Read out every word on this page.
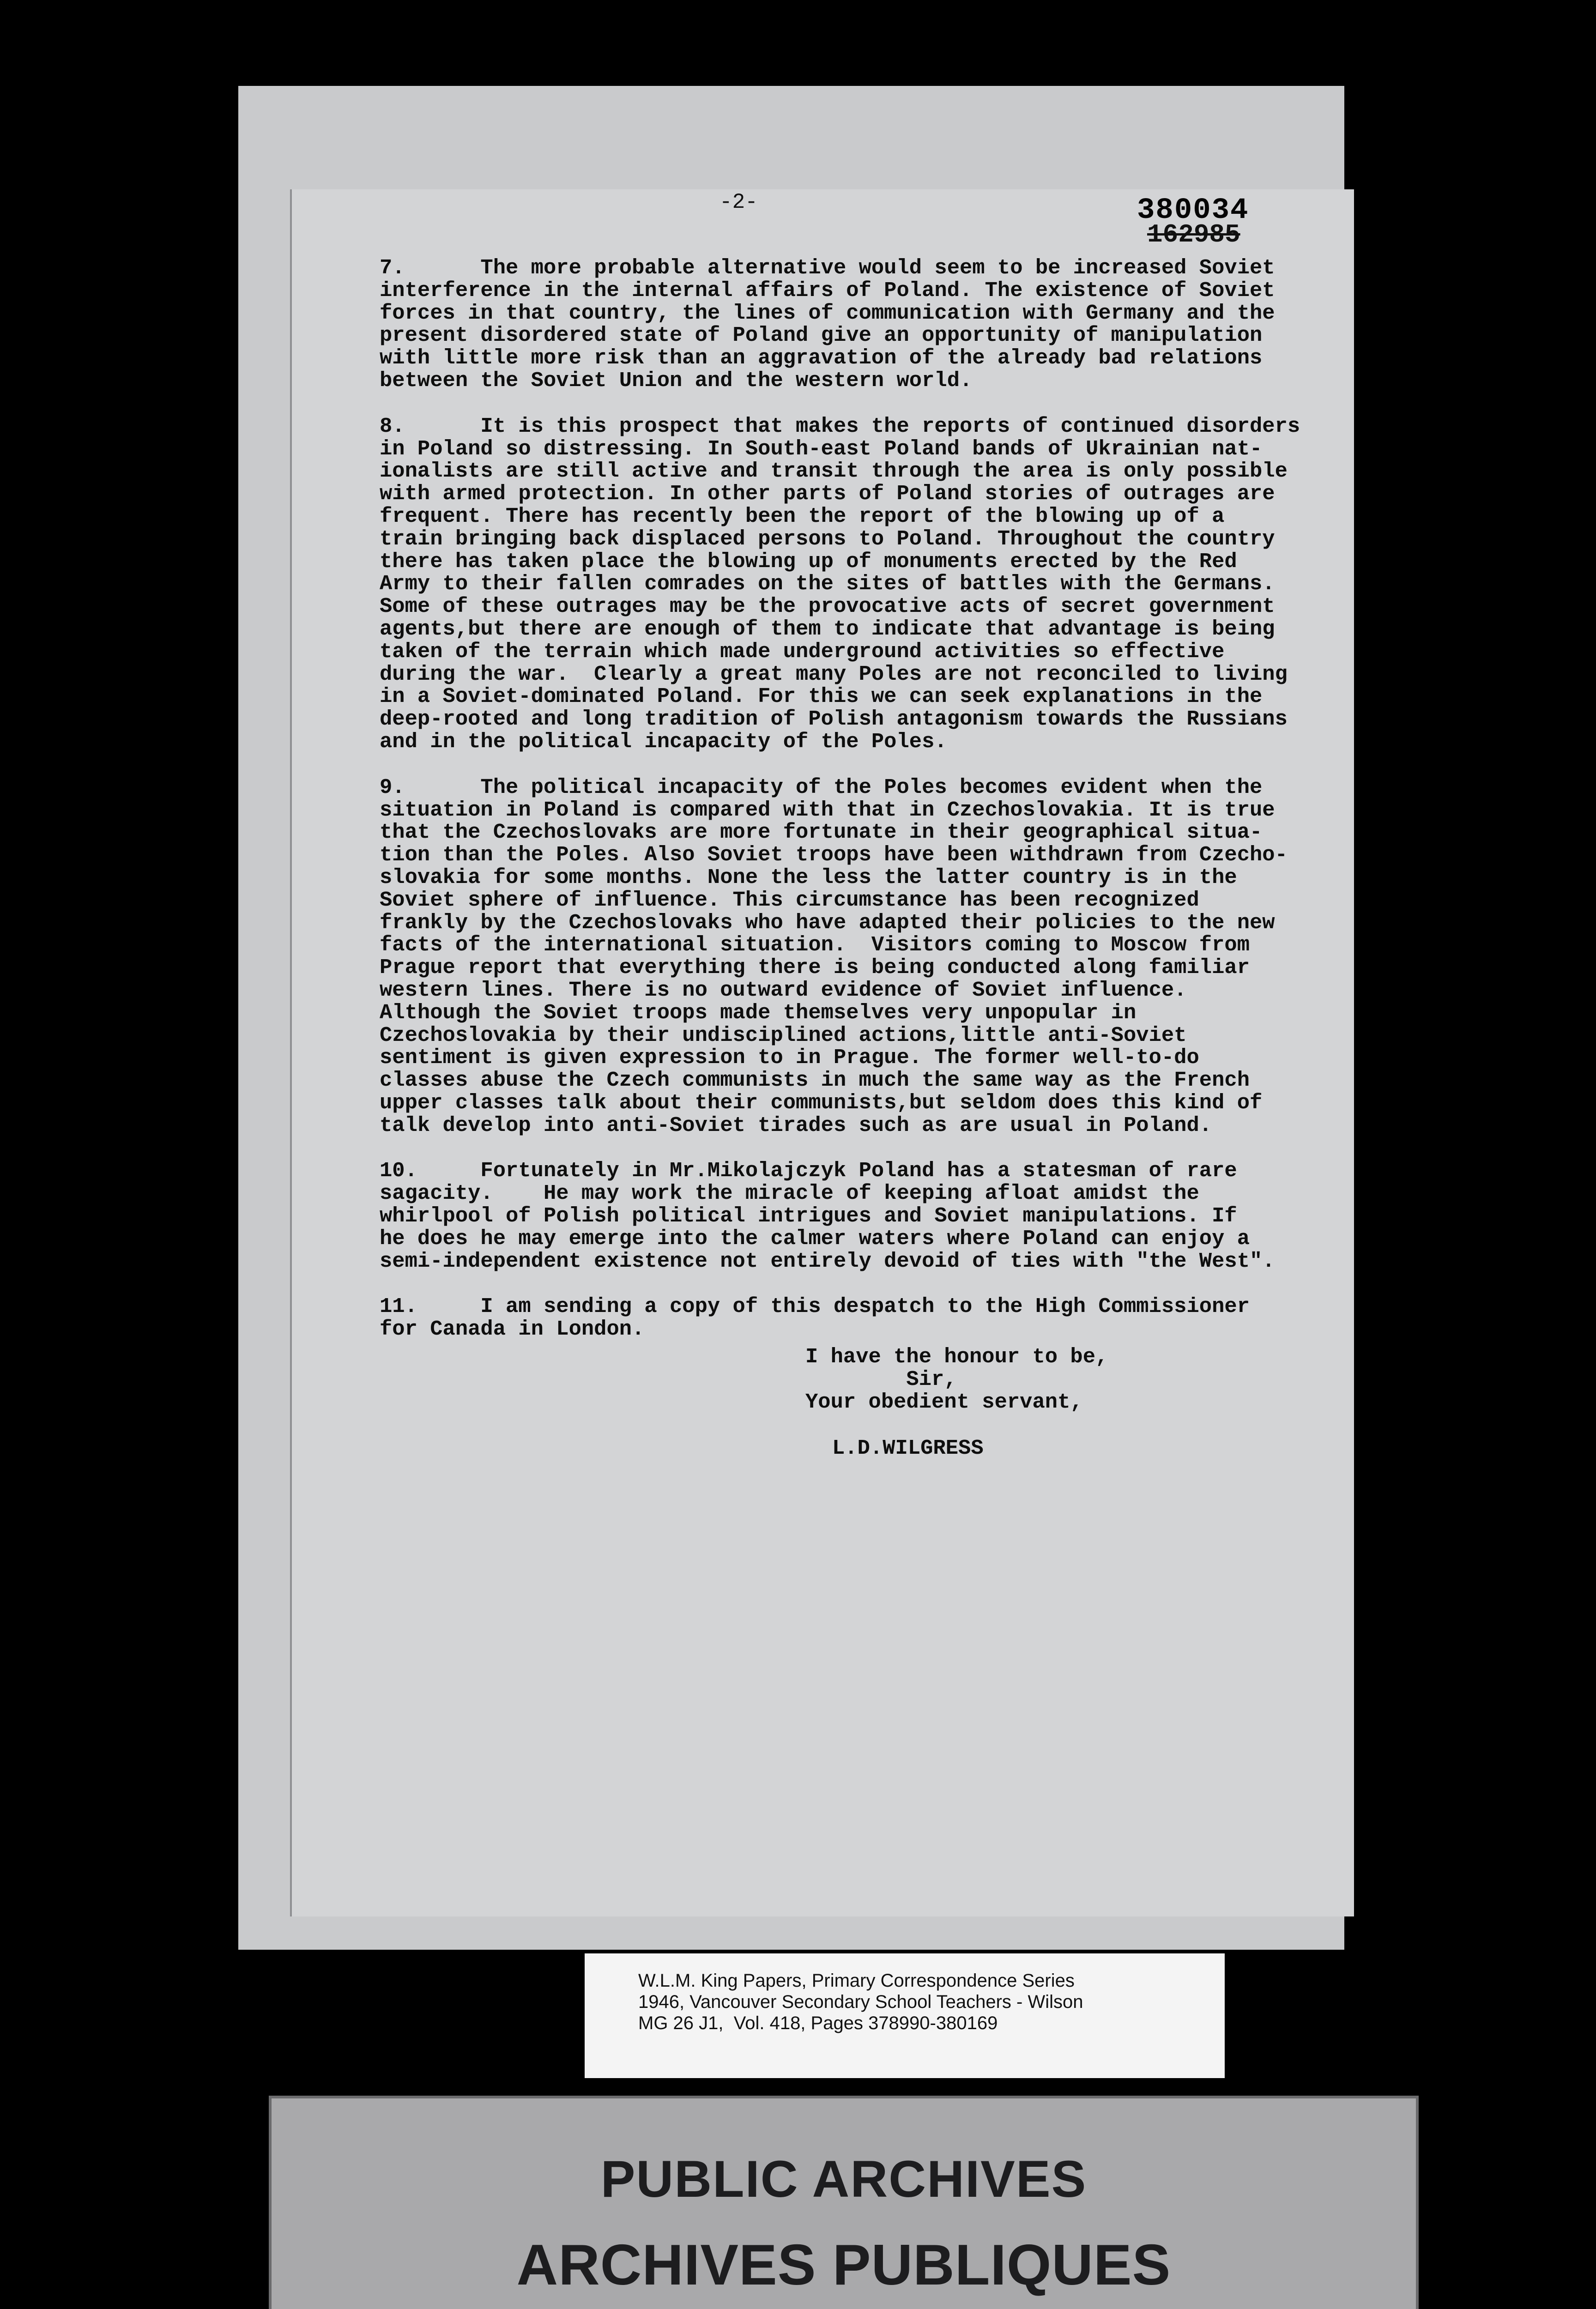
-2-	380034
162985
7.      The more probable alternative would seem to be increased Soviet
interference in the internal affairs of Poland. The existence of Soviet
forces in that country, the lines of communication with Germany and the
present disordered state of Poland give an opportunity of manipulation
with little more risk than an aggravation of the already bad relations
between the Soviet Union and the western world.
8.      It is this prospect that makes the reports of continued disorders
in Poland so distressing. In South-east Poland bands of Ukrainian nat-
ionalists are still active and transit through the area is only possible
with armed protection. In other parts of Poland stories of outrages are
frequent. There has recently been the report of the blowing up of a
train bringing back displaced persons to Poland. Throughout the country
there has taken place the blowing up of monuments erected by the Red
Army to their fallen comrades on the sites of battles with the Germans.
Some of these outrages may be the provocative acts of secret government
agents,but there are enough of them to indicate that advantage is being
taken of the terrain which made underground activities so effective
during the war.  Clearly a great many Poles are not reconciled to living
in a Soviet-dominated Poland. For this we can seek explanations in the
deep-rooted and long tradition of Polish antagonism towards the Russians
and in the political incapacity of the Poles.
9.      The political incapacity of the Poles becomes evident when the
situation in Poland is compared with that in Czechoslovakia. It is true
that the Czechoslovaks are more fortunate in their geographical situa-
tion than the Poles. Also Soviet troops have been withdrawn from Czecho-
slovakia for some months. None the less the latter country is in the
Soviet sphere of influence. This circumstance has been recognized
frankly by the Czechoslovaks who have adapted their policies to the new
facts of the international situation.  Visitors coming to Moscow from
Prague report that everything there is being conducted along familiar
western lines. There is no outward evidence of Soviet influence.
Although the Soviet troops made themselves very unpopular in
Czechoslovakia by their undisciplined actions,little anti-Soviet
sentiment is given expression to in Prague. The former well-to-do
classes abuse the Czech communists in much the same way as the French
upper classes talk about their communists,but seldom does this kind of
talk develop into anti-Soviet tirades such as are usual in Poland.
10.     Fortunately in Mr.Mikolajczyk Poland has a statesman of rare
sagacity.    He may work the miracle of keeping afloat amidst the
whirlpool of Polish political intrigues and Soviet manipulations. If
he does he may emerge into the calmer waters where Poland can enjoy a
semi-independent existence not entirely devoid of ties with "the West".
11.     I am sending a copy of this despatch to the High Commissioner
for Canada in London.
I have the honour to be,
Sir,
Your obedient servant,
L.D.WILGRESS
W.L.M. King Papers, Primary Correspondence Series
1946, Vancouver Secondary School Teachers - Wilson
MG 26 J1,  Vol. 418, Pages 378990-380169
PUBLIC ARCHIVES
ARCHIVES PUBLIQUES
